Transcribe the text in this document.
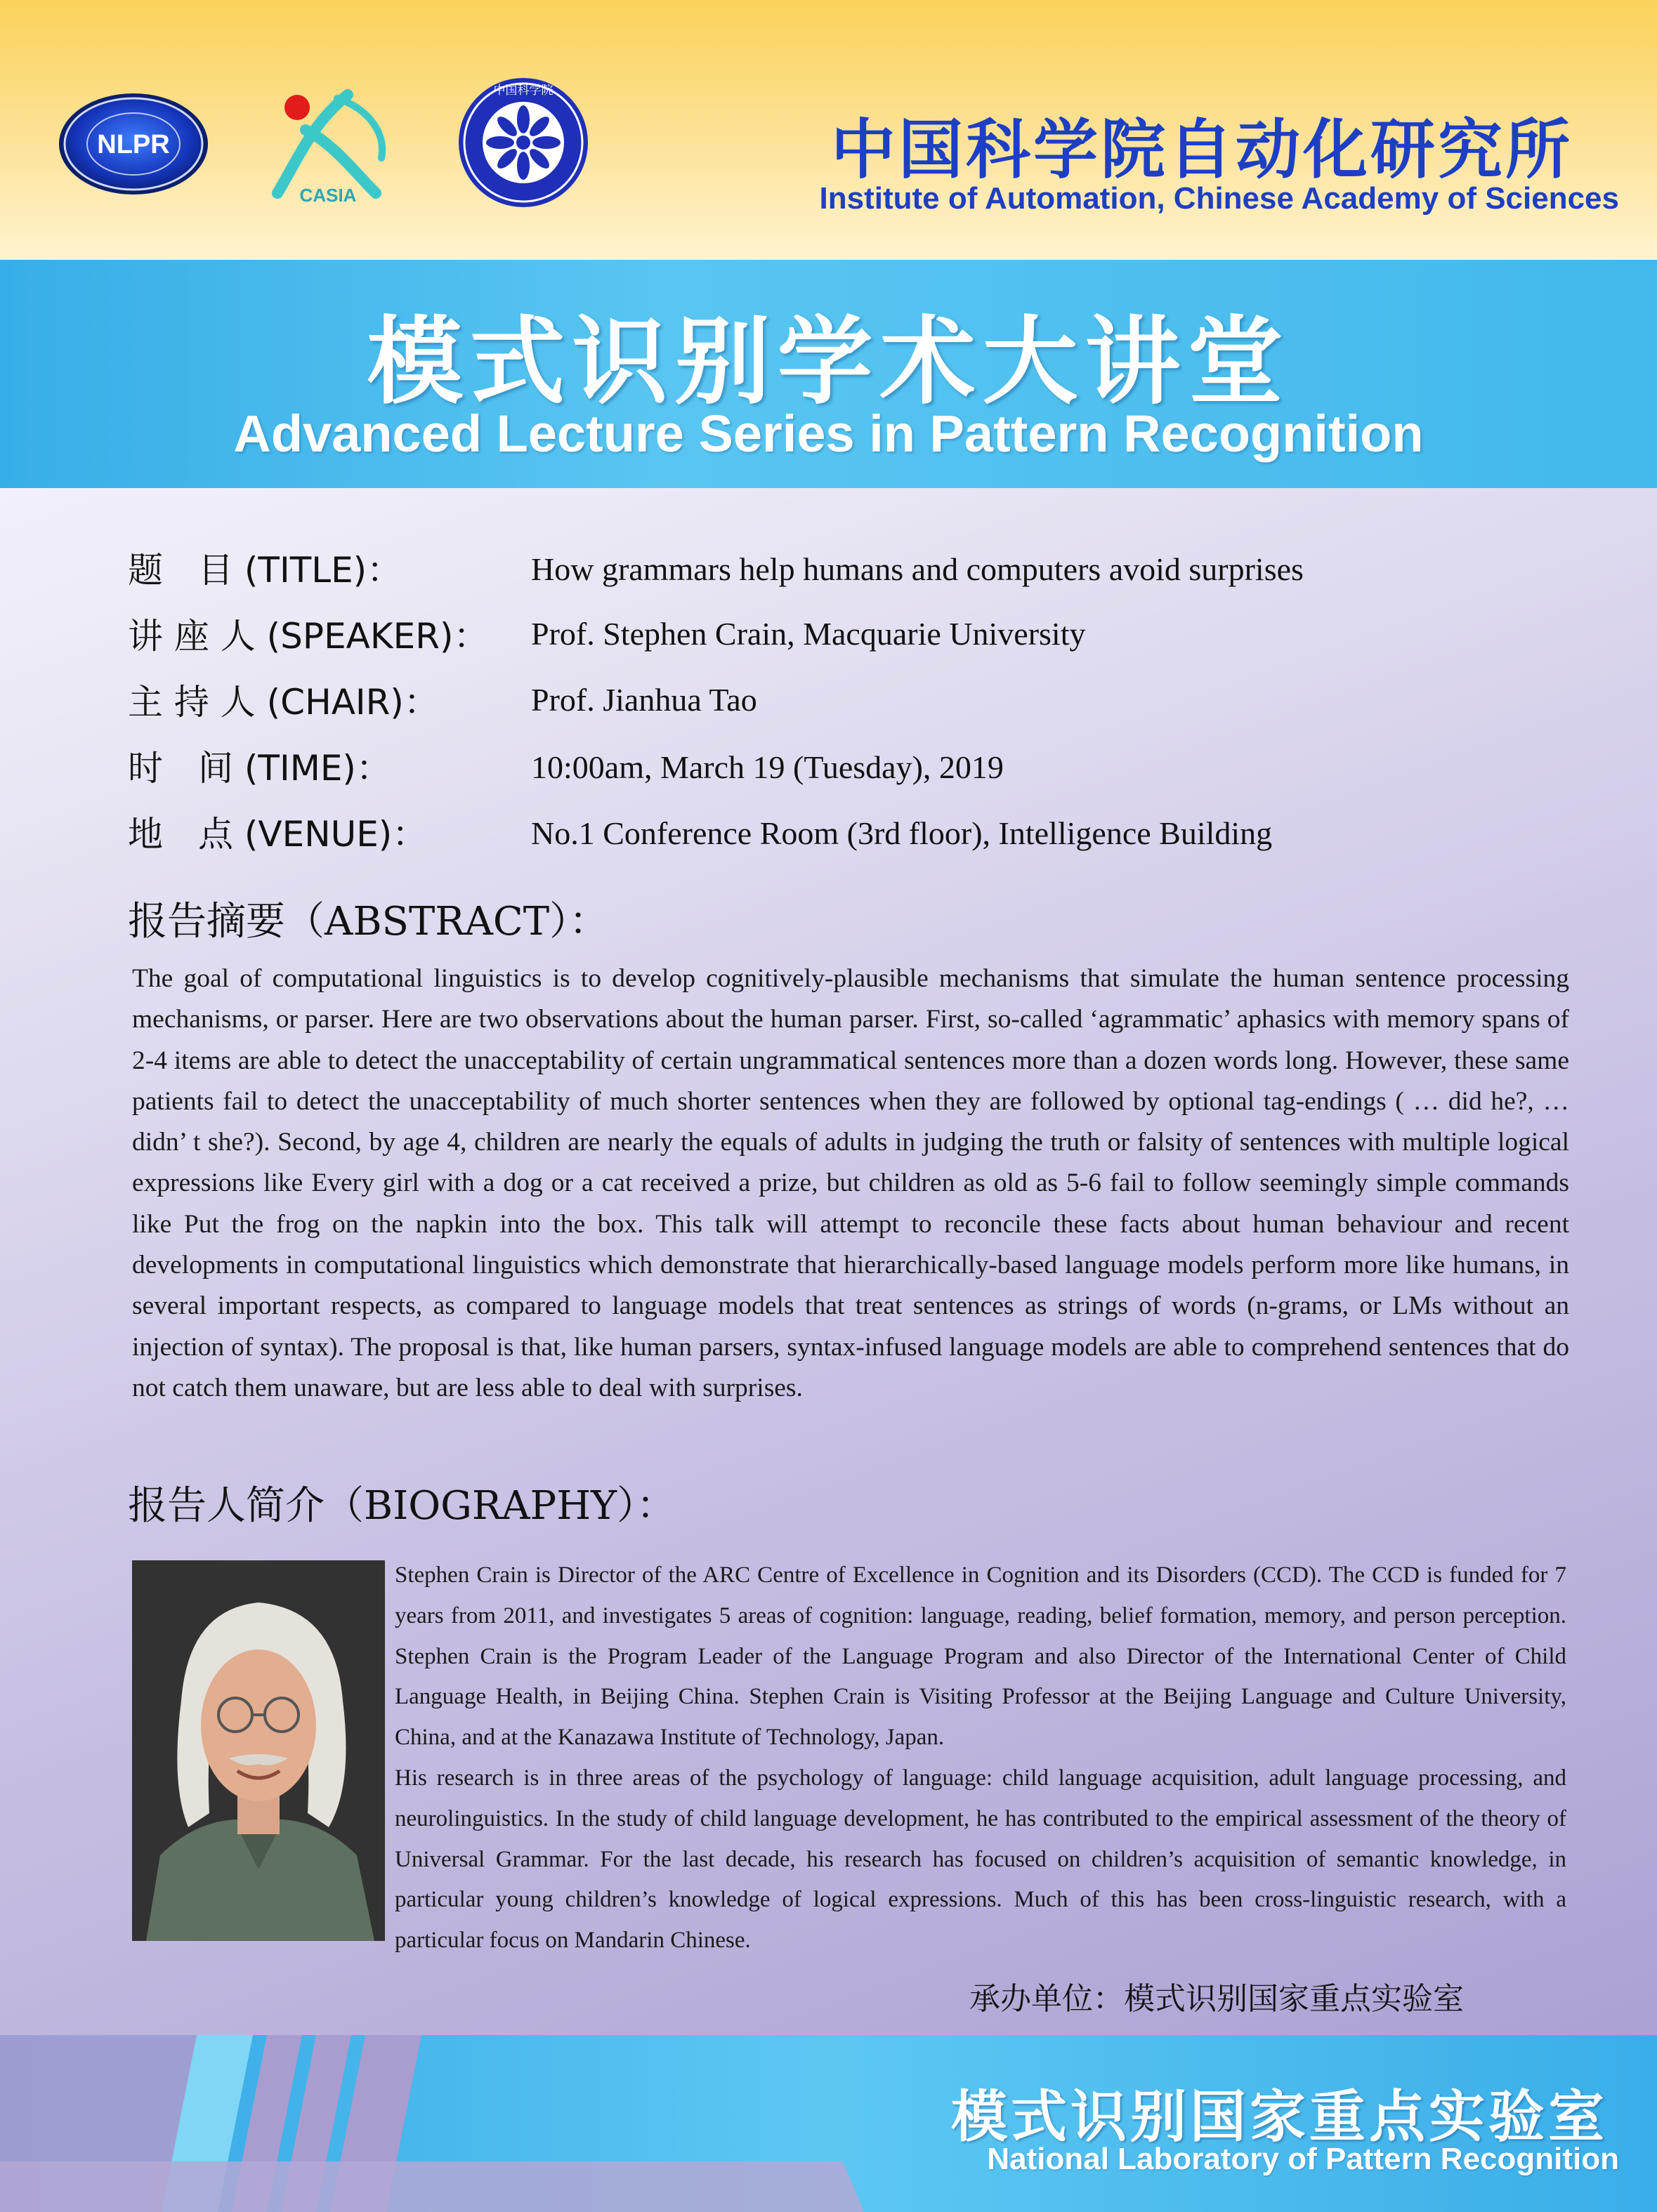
NLPR
CASIA
中国科学院
中国科学院自动化研究所
Institute of Automation, Chinese Academy of Sciences
模式识别学术大讲堂
Advanced Lecture Series in Pattern Recognition
题　目 (TITLE)：	How grammars help humans and computers avoid surprises
讲 座 人 (SPEAKER)： Prof. Stephen Crain, Macquarie University
主 持 人 (CHAIR)：	Prof. Jianhua Tao
时　间 (TIME)：	10:00am, March 19 (Tuesday), 2019
地　点 (VENUE)：	No.1 Conference Room (3rd floor), Intelligence Building
报告摘要（ABSTRACT）：

The goal of computational linguistics is to develop cognitively-plausible mechanisms that simulate the human sentence processing mechanisms, or parser. Here are two observations about the human parser. First, so-called ‘agrammatic’ aphasics with memory spans of 2-4 items are able to detect the unacceptability of certain ungrammatical sentences more than a dozen words long. However, these same patients fail to detect the unacceptability of much shorter sentences when they are followed by optional tag-endings ( … did he?, … didn’ t she?). Second, by age 4, children are nearly the equals of adults in judging the truth or falsity of sentences with multiple logical expressions like Every girl with a dog or a cat received a prize, but children as old as 5-6 fail to follow seemingly simple commands like Put the frog on the napkin into the box. This talk will attempt to reconcile these facts about human behaviour and recent developments in computational linguistics which demonstrate that hierarchically-based language models perform more like humans, in several important respects, as compared to language models that treat sentences as strings of words (n-grams, or LMs without an injection of syntax). The proposal is that, like human parsers, syntax-infused language models are able to comprehend sentences that do not catch them unaware, but are less able to deal with surprises.

报告人简介（BIOGRAPHY）：

Stephen Crain is Director of the ARC Centre of Excellence in Cognition and its Disorders (CCD). The CCD is funded for 7 years from 2011, and investigates 5 areas of cognition: language, reading, belief formation, memory, and person perception. Stephen Crain is the Program Leader of the Language Program and also Director of the International Center of Child Language Health, in Beijing China. Stephen Crain is Visiting Professor at the Beijing Language and Culture University, China, and at the Kanazawa Institute of Technology, Japan.

His research is in three areas of the psychology of language: child language acquisition, adult language processing, and neurolinguistics. In the study of child language development, he has contributed to the empirical assessment of the theory of Universal Grammar. For the last decade, his research has focused on children’s acquisition of semantic knowledge, in particular young children’s knowledge of logical expressions. Much of this has been cross-linguistic research, with a particular focus on Mandarin Chinese.

承办单位：模式识别国家重点实验室
模式识别国家重点实验室
National Laboratory of Pattern Recognition
